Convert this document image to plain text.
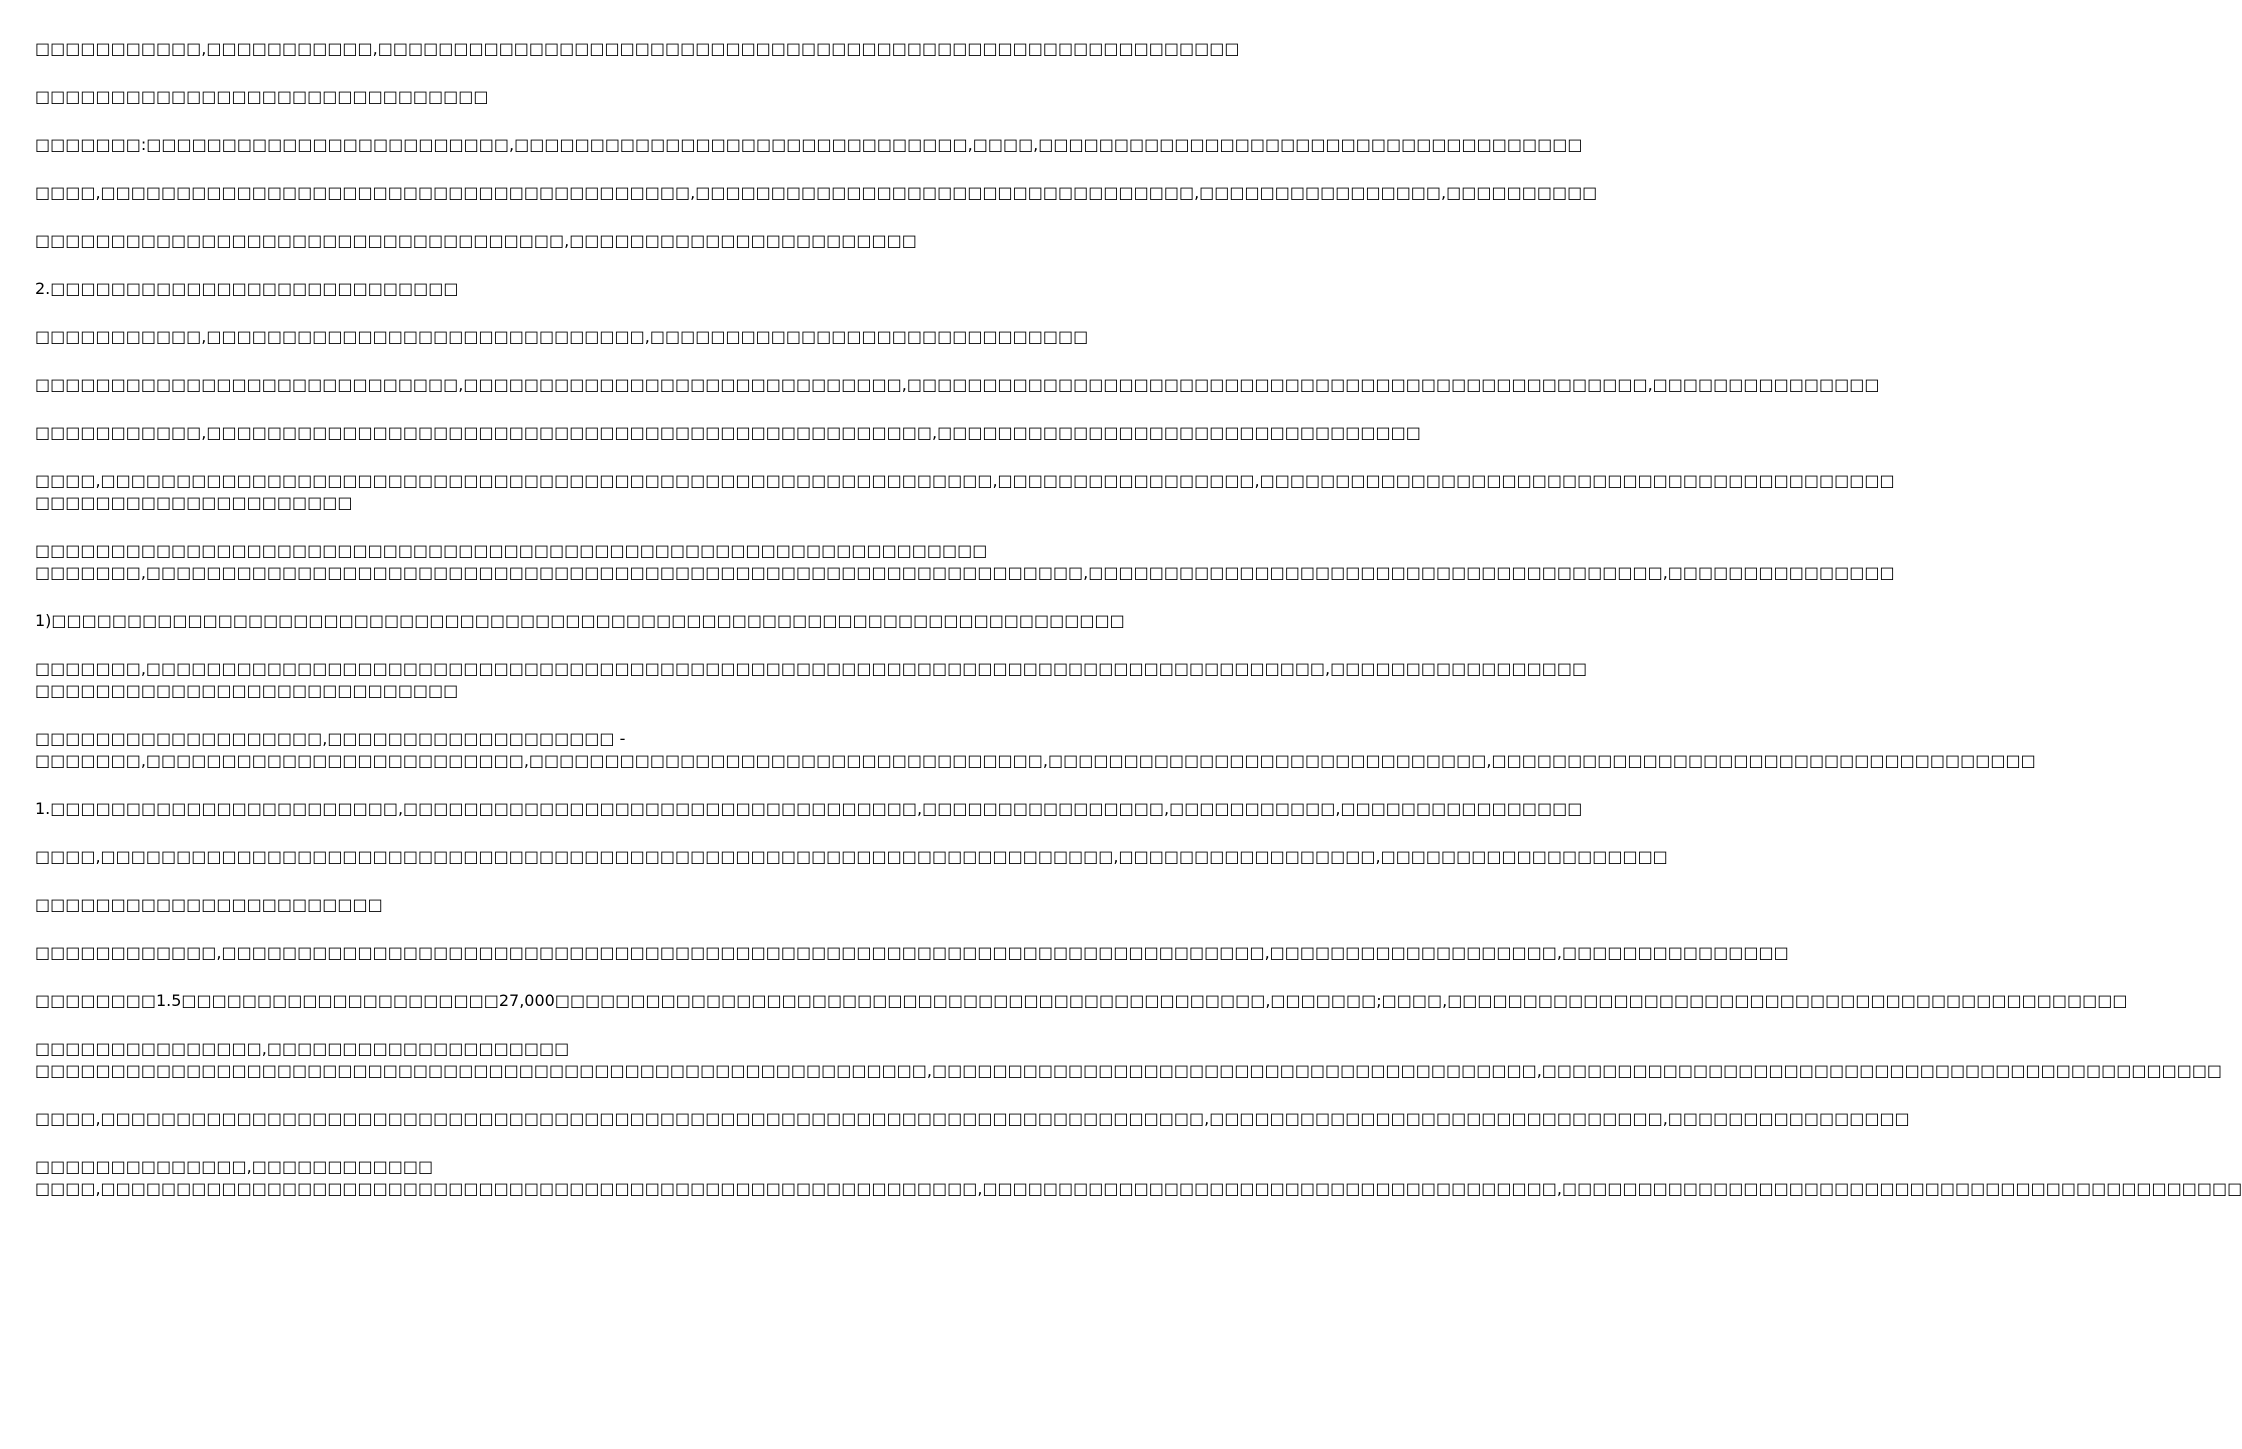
□□□□□□□□□□□,□□□□□□□□□□□,□□□□□□□□□□□□□□□□□□□□□□□□□□□□□□□□□□□□□□□□□□□□□□□□□□□□□□□□□

□□□□□□□□□□□□□□□□□□□□□□□□□□□□□□

□□□□□□□:□□□□□□□□□□□□□□□□□□□□□□□□,□□□□□□□□□□□□□□□□□□□□□□□□□□□□□□,□□□□,□□□□□□□□□□□□□□□□□□□□□□□□□□□□□□□□□□□□

□□□□,□□□□□□□□□□□□□□□□□□□□□□□□□□□□□□□□□□□□□□□,□□□□□□□□□□□□□□□□□□□□□□□□□□□□□□□□□,□□□□□□□□□□□□□□□□,□□□□□□□□□□

□□□□□□□□□□□□□□□□□□□□□□□□□□□□□□□□□□□,□□□□□□□□□□□□□□□□□□□□□□□

2.□□□□□□□□□□□□□□□□□□□□□□□□□□□

□□□□□□□□□□□,□□□□□□□□□□□□□□□□□□□□□□□□□□□□□,□□□□□□□□□□□□□□□□□□□□□□□□□□□□□

□□□□□□□□□□□□□□□□□□□□□□□□□□□□,□□□□□□□□□□□□□□□□□□□□□□□□□□□□□,□□□□□□□□□□□□□□□□□□□□□□□□□□□□□□□□□□□□□□□□□□□□□□□□□,□□□□□□□□□□□□□□□

□□□□□□□□□□□,□□□□□□□□□□□□□□□□□□□□□□□□□□□□□□□□□□□□□□□□□□□□□□□□,□□□□□□□□□□□□□□□□□□□□□□□□□□□□□□□□

□□□□,□□□□□□□□□□□□□□□□□□□□□□□□□□□□□□□□□□□□□□□□□□□□□□□□□□□□□□□□□□□,□□□□□□□□□□□□□□□□□,□□□□□□□□□□□□□□□□□□□□□□□□□□□□□□□□□□□□□□□□□□
□□□□□□□□□□□□□□□□□□□□□

□□□□□□□□□□□□□□□□□□□□□□□□□□□□□□□□□□□□□□□□□□□□□□□□□□□□□□□□□□□□□□□
□□□□□□□,□□□□□□□□□□□□□□□□□□□□□□□□□□□□□□□□□□□□□□□□□□□□□□□□□□□□□□□□□□□□□□,□□□□□□□□□□□□□□□□□□□□□□□□□□□□□□□□□□□□□□,□□□□□□□□□□□□□□□

1)□□□□□□□□□□□□□□□□□□□□□□□□□□□□□□□□□□□□□□□□□□□□□□□□□□□□□□□□□□□□□□□□□□□□□□□

□□□□□□□,□□□□□□□□□□□□□□□□□□□□□□□□□□□□□□□□□□□□□□□□□□□□□□□□□□□□□□□□□□□□□□□□□□□□□□□□□□□□□□,□□□□□□□□□□□□□□□□□
□□□□□□□□□□□□□□□□□□□□□□□□□□□□

□□□□□□□□□□□□□□□□□□□,□□□□□□□□□□□□□□□□□□□ -
□□□□□□□,□□□□□□□□□□□□□□□□□□□□□□□□□,□□□□□□□□□□□□□□□□□□□□□□□□□□□□□□□□□□,□□□□□□□□□□□□□□□□□□□□□□□□□□□□□,□□□□□□□□□□□□□□□□□□□□□□□□□□□□□□□□□□□□

1.□□□□□□□□□□□□□□□□□□□□□□□,□□□□□□□□□□□□□□□□□□□□□□□□□□□□□□□□□□,□□□□□□□□□□□□□□□□,□□□□□□□□□□□,□□□□□□□□□□□□□□□□

□□□□,□□□□□□□□□□□□□□□□□□□□□□□□□□□□□□□□□□□□□□□□□□□□□□□□□□□□□□□□□□□□□□□□□□□,□□□□□□□□□□□□□□□□□,□□□□□□□□□□□□□□□□□□□

□□□□□□□□□□□□□□□□□□□□□□□

□□□□□□□□□□□□,□□□□□□□□□□□□□□□□□□□□□□□□□□□□□□□□□□□□□□□□□□□□□□□□□□□□□□□□□□□□□□□□□□□□□,□□□□□□□□□□□□□□□□□□□,□□□□□□□□□□□□□□□

□□□□□□□□1.5□□□□□□□□□□□□□□□□□□□□□27,000□□□□□□□□□□□□□□□□□□□□□□□□□□□□□□□□□□□□□□□□□□□□□□□,□□□□□□□;□□□□,□□□□□□□□□□□□□□□□□□□□□□□□□□□□□□□□□□□□□□□□□□□□□

□□□□□□□□□□□□□□□,□□□□□□□□□□□□□□□□□□□□
□□□□□□□□□□□□□□□□□□□□□□□□□□□□□□□□□□□□□□□□□□□□□□□□□□□□□□□□□□□,□□□□□□□□□□□□□□□□□□□□□□□□□□□□□□□□□□□□□□□□,□□□□□□□□□□□□□□□□□□□□□□□□□□□□□□□□□□□□□□□□□□□□□

□□□□,□□□□□□□□□□□□□□□□□□□□□□□□□□□□□□□□□□□□□□□□□□□□□□□□□□□□□□□□□□□□□□□□□□□□□□□□□,□□□□□□□□□□□□□□□□□□□□□□□□□□□□□□,□□□□□□□□□□□□□□□□

□□□□□□□□□□□□□□,□□□□□□□□□□□□
□□□□,□□□□□□□□□□□□□□□□□□□□□□□□□□□□□□□□□□□□□□□□□□□□□□□□□□□□□□□□□□,□□□□□□□□□□□□□□□□□□□□□□□□□□□□□□□□□□□□□□,□□□□□□□□□□□□□□□□□□□□□□□□□□□□□□□□□□□□□□□□□□□□□
